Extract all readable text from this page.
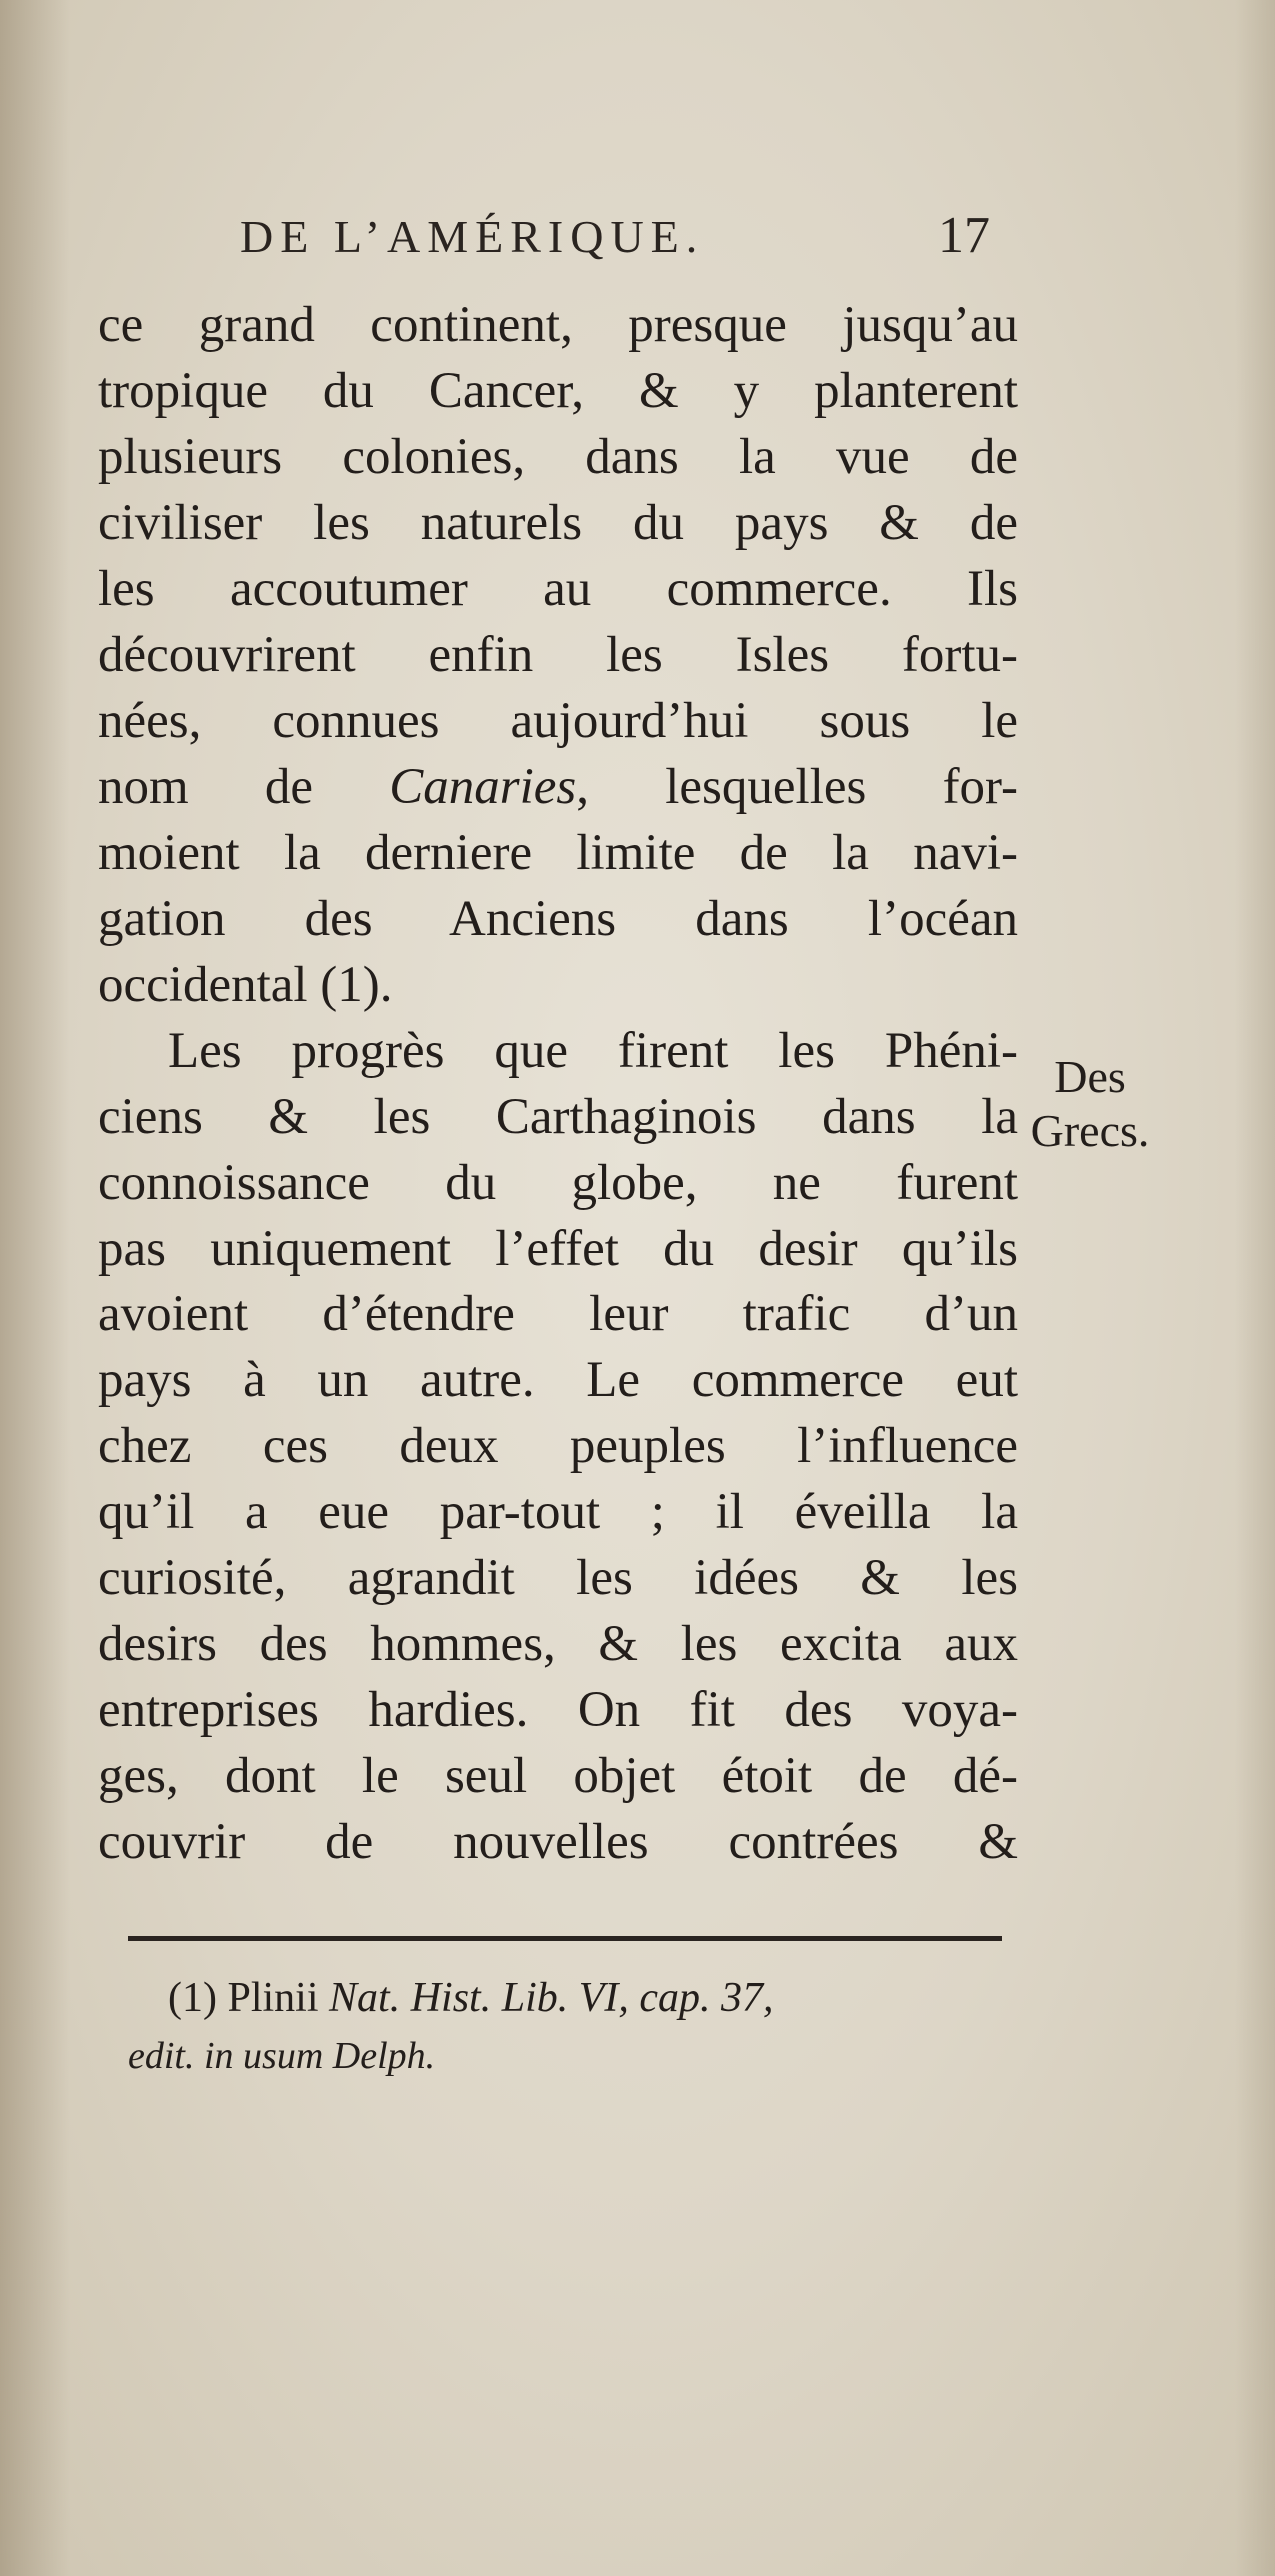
DE L’AMÉRIQUE.	17
ce grand continent, presque jusqu’au
tropique du Cancer, & y planterent
plusieurs colonies, dans la vue de
civiliser les naturels du pays & de
les accoutumer au commerce. Ils
découvrirent enfin les Isles fortu-
nées, connues aujourd’hui sous le
nom de Canaries, lesquelles for-
moient la derniere limite de la navi-
gation des Anciens dans l’océan
occidental (1).
Les progrès que firent les Phéni-
ciens & les Carthaginois dans la
connoissance du globe, ne furent
pas uniquement l’effet du desir qu’ils
avoient d’étendre leur trafic d’un
pays à un autre. Le commerce eut
chez ces deux peuples l’influence
qu’il a eue par-tout ; il éveilla la
curiosité, agrandit les idées & les
desirs des hommes, & les excita aux
entreprises hardies. On fit des voya-
ges, dont le seul objet étoit de dé-
couvrir de nouvelles contrées &
Des
Grecs.
(1) Plinii Nat. Hist. Lib. VI, cap. 37,
edit. in usum Delph.
